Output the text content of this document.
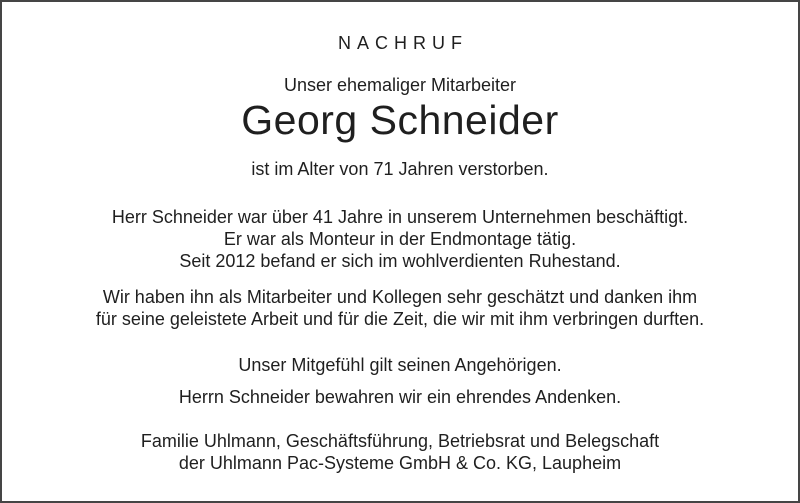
NACHRUF
Unser ehemaliger Mitarbeiter
Georg Schneider
ist im Alter von 71 Jahren verstorben.
Herr Schneider war über 41 Jahre in unserem Unternehmen beschäftigt.
Er war als Monteur in der Endmontage tätig.
Seit 2012 befand er sich im wohlverdienten Ruhestand.
Wir haben ihn als Mitarbeiter und Kollegen sehr geschätzt und danken ihm
für seine geleistete Arbeit und für die Zeit, die wir mit ihm verbringen durften.
Unser Mitgefühl gilt seinen Angehörigen.
Herrn Schneider bewahren wir ein ehrendes Andenken.
Familie Uhlmann, Geschäftsführung, Betriebsrat und Belegschaft
der Uhlmann Pac-Systeme GmbH & Co. KG, Laupheim
